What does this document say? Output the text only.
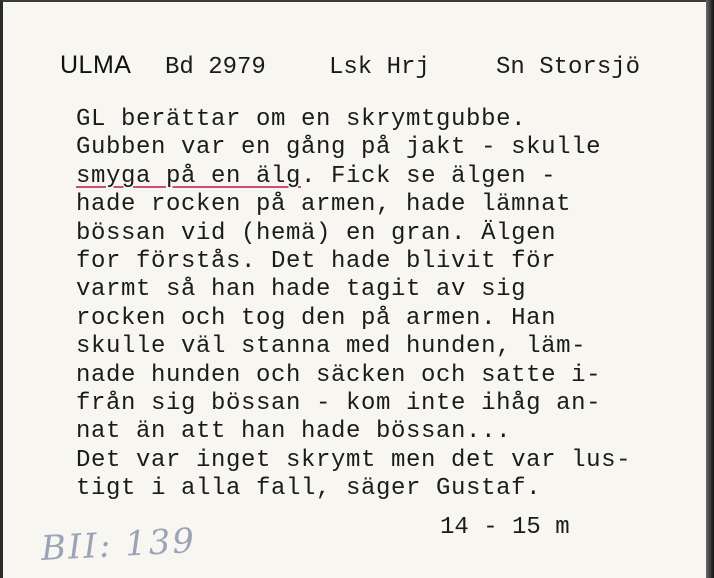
ULMA Bd 2979	Lsk Hrj	Sn Storsjö
GL berättar om en skrymtgubbe.
Gubben var en gång på jakt - skulle
smyga på en älg. Fick se älgen -
hade rocken på armen, hade lämnat
bössan vid (hemä) en gran. Älgen
for förstås. Det hade blivit för
varmt så han hade tagit av sig
rocken och tog den på armen. Han
skulle väl stanna med hunden, läm-
nade hunden och säcken och satte i-
från sig bössan - kom inte ihåg an-
nat än att han hade bössan...
Det var inget skrymt men det var lus-
tigt i alla fall, säger Gustaf.
14 - 15 m
BII: 139
